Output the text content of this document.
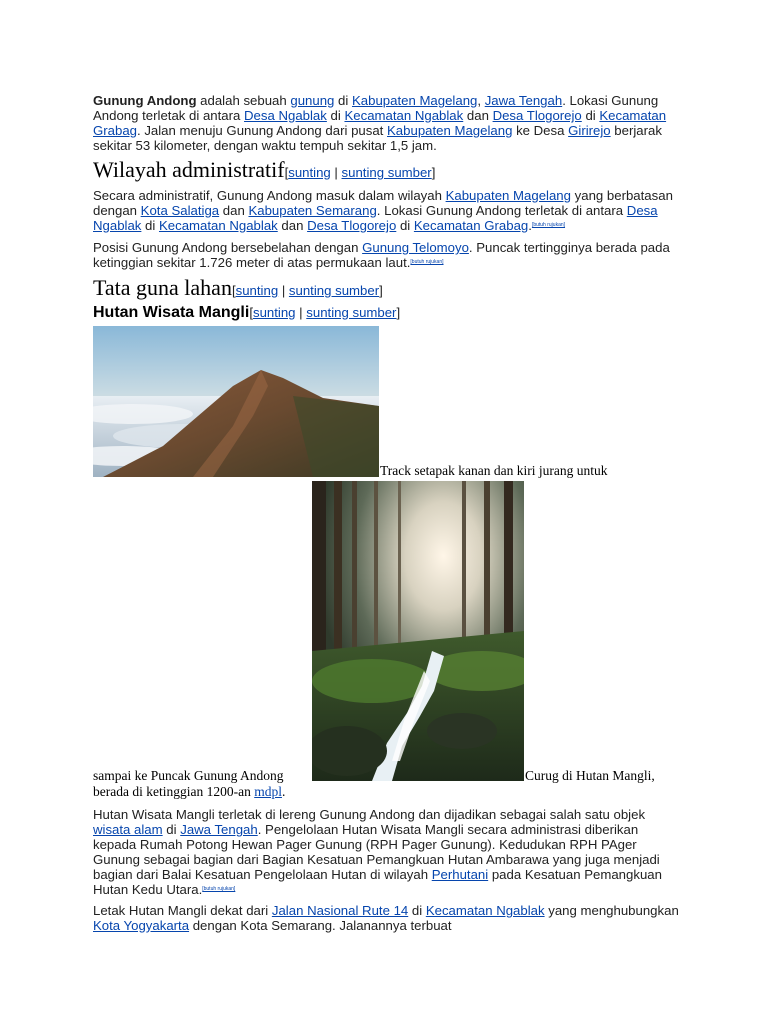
Gunung Andong adalah sebuah gunung di Kabupaten Magelang, Jawa Tengah. Lokasi Gunung Andong terletak di antara Desa Ngablak di Kecamatan Ngablak dan Desa Tlogorejo di Kecamatan Grabag. Jalan menuju Gunung Andong dari pusat Kabupaten Magelang ke Desa Girirejo berjarak sekitar 53 kilometer, dengan waktu tempuh sekitar 1,5 jam.

Wilayah administratif[sunting | sunting sumber]

Secara administratif, Gunung Andong masuk dalam wilayah Kabupaten Magelang yang berbatasan dengan Kota Salatiga dan Kabupaten Semarang. Lokasi Gunung Andong terletak di antara Desa Ngablak di Kecamatan Ngablak dan Desa Tlogorejo di Kecamatan Grabag.[butuh rujukan]

Posisi Gunung Andong bersebelahan dengan Gunung Telomoyo. Puncak tertingginya berada pada ketinggian sekitar 1.726 meter di atas permukaan laut.[butuh rujukan]

Tata guna lahan[sunting | sunting sumber]
Hutan Wisata Mangli[sunting | sunting sumber]
Track setapak kanan dan kiri jurang untuk
sampai ke Puncak Gunung Andong	Curug di Hutan Mangli,
berada di ketinggian 1200-an mdpl.

Hutan Wisata Mangli terletak di lereng Gunung Andong dan dijadikan sebagai salah satu objek wisata alam di Jawa Tengah. Pengelolaan Hutan Wisata Mangli secara administrasi diberikan kepada Rumah Potong Hewan Pager Gunung (RPH Pager Gunung). Kedudukan RPH PAger Gunung sebagai bagian dari Bagian Kesatuan Pemangkuan Hutan Ambarawa yang juga menjadi bagian dari Balai Kesatuan Pengelolaan Hutan di wilayah Perhutani pada Kesatuan Pemangkuan Hutan Kedu Utara.[butuh rujukan]

Letak Hutan Mangli dekat dari Jalan Nasional Rute 14 di Kecamatan Ngablak yang menghubungkan Kota Yogyakarta dengan Kota Semarang. Jalanannya terbuat
